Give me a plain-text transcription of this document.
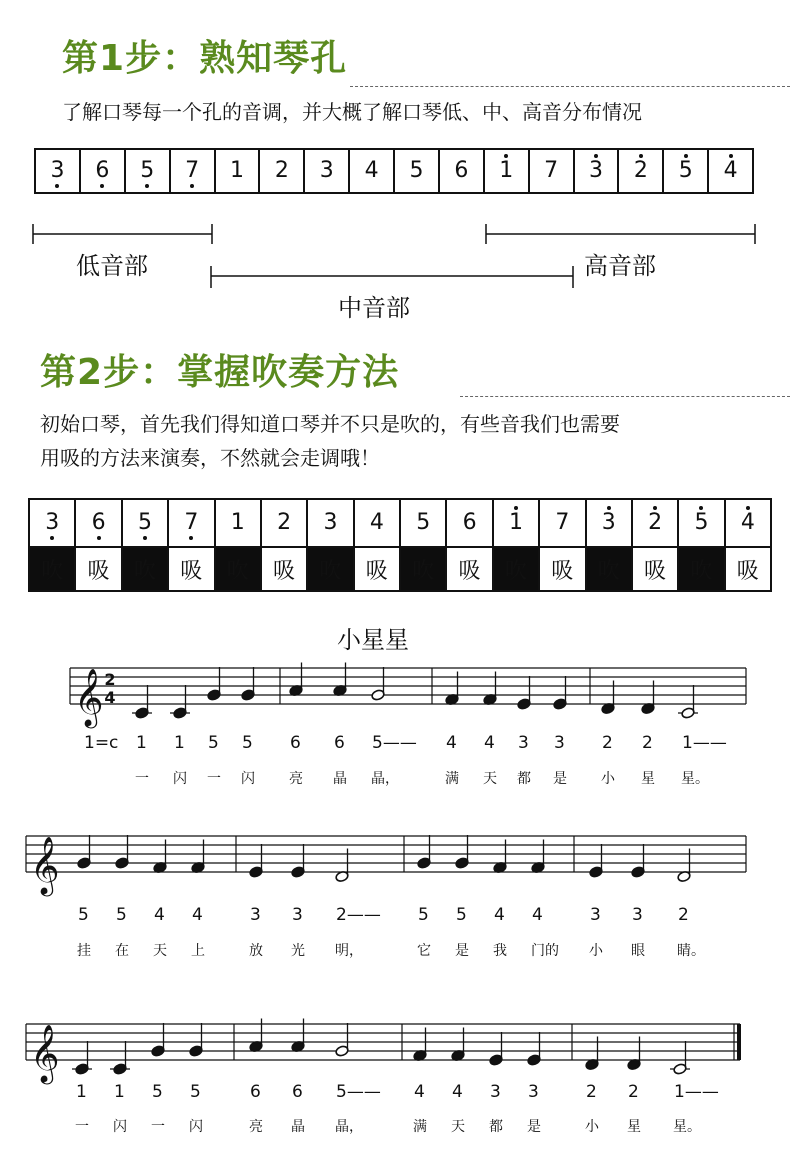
第1步：熟知琴孔
了解口琴每一个孔的音调，并大概了解口琴低、中、高音分布情况
3	6	5	7	1	2	3	4	5	6	1	7	3	2	5	4
低音部	高音部
中音部
第2步：掌握吹奏方法
初始口琴，首先我们得知道口琴并不只是吹的，有些音我们也需要
用吸的方法来演奏，不然就会走调哦！
3	6	5	7	1	2	3	4	5	6	1	7	3	2	5	4
吹	吸	吹	吸	吹	吸	吹	吸	吹	吸	吹	吸	吹	吸	吹	吸
小星星
𝄞 2
4
𝄞
𝄞
1=c 1 1 5 5 6 6 5—— 4 4 3 3 2 2 1——
一 闪 一 闪 亮 晶 晶，	满 天 都 是 小 星 星。
5 5 4 4	3 3 2—— 5 5 4 4	3 3 2
挂 在 天 上	放 光 明，	它 是 我 门的 小 眼 睛。
1 1 5 5	6 6 5—— 4 4 3 3	2 2 1——
一 闪 一 闪	亮 晶 晶，	满 天 都 是	小 星 星。
